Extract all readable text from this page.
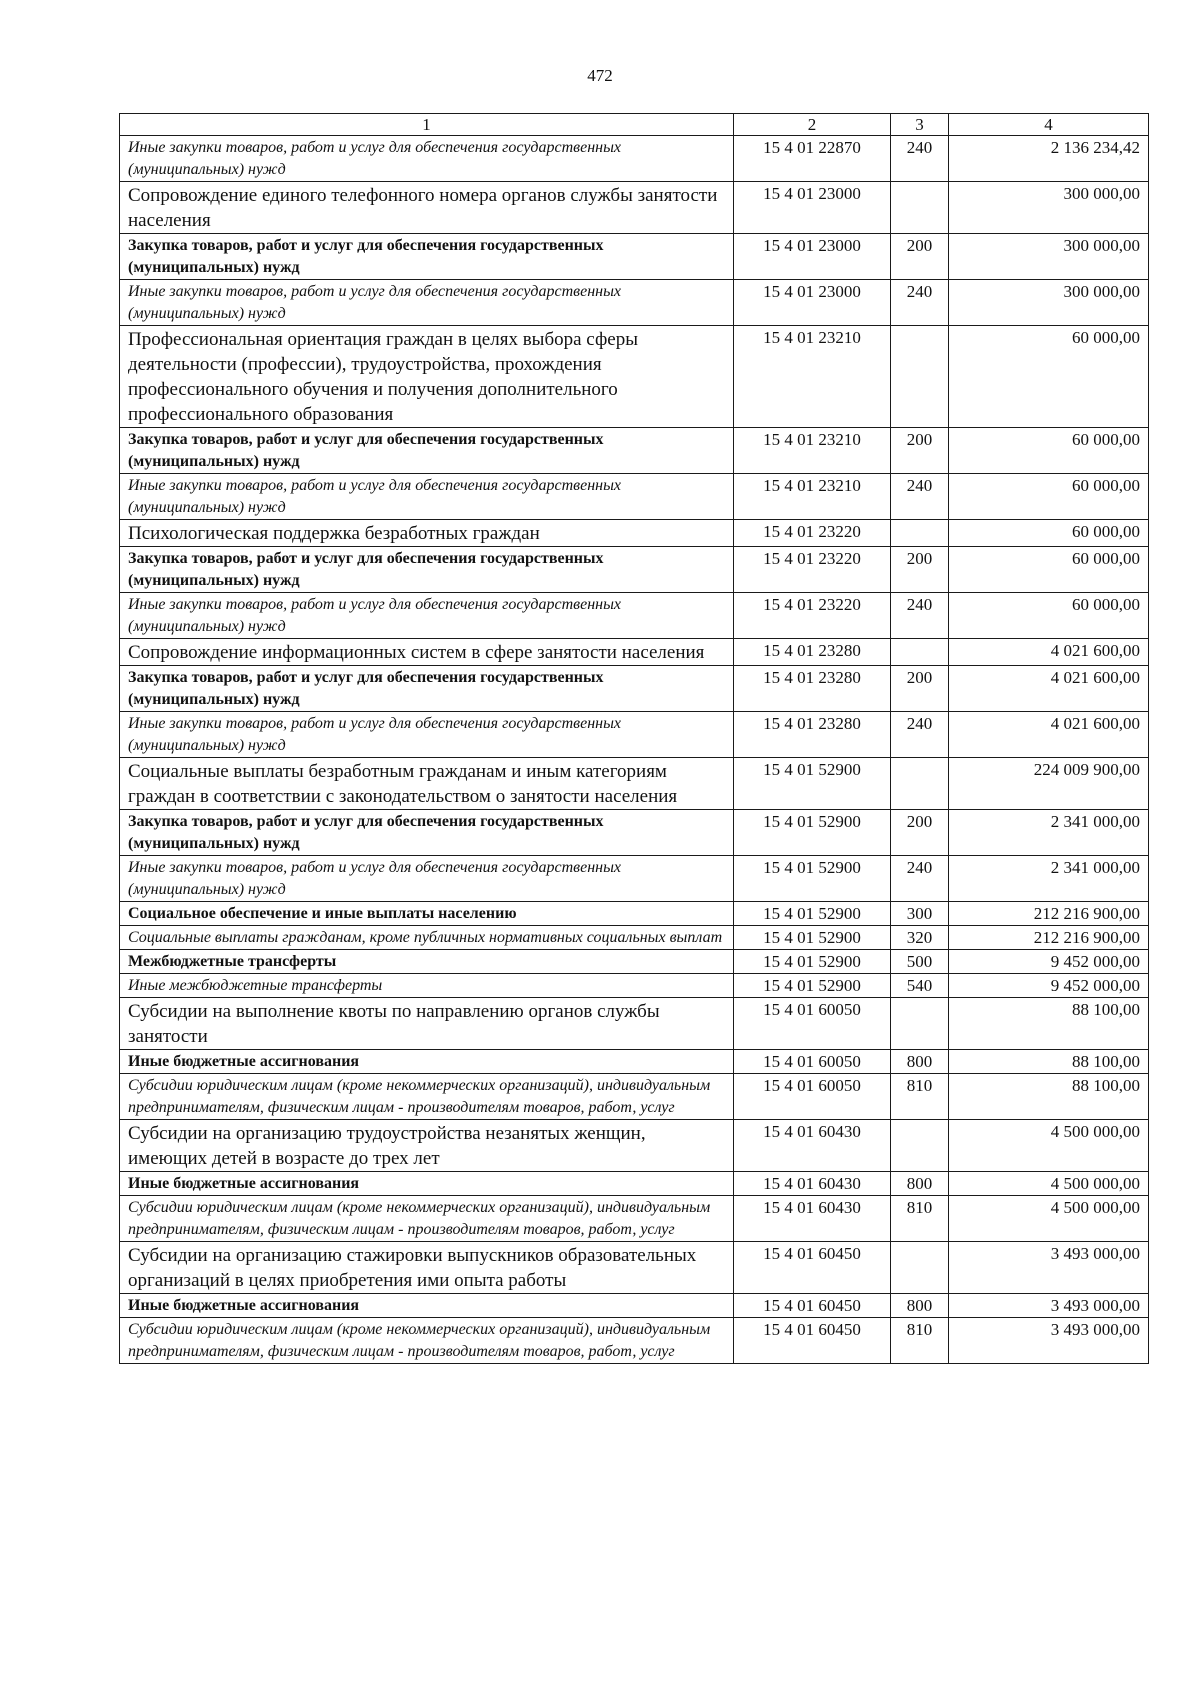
472
1	2	3	4
Иные закупки товаров, работ и услуг для обеспечения государственных (муниципальных) нужд	15 4 01 22870	240	2 136 234,42
Сопровождение единого телефонного номера органов службы занятости населения	15 4 01 23000		300 000,00
Закупка товаров, работ и услуг для обеспечения государственных (муниципальных) нужд	15 4 01 23000	200	300 000,00
Иные закупки товаров, работ и услуг для обеспечения государственных (муниципальных) нужд	15 4 01 23000	240	300 000,00
Профессиональная ориентация граждан в целях выбора сферы деятельности (профессии), трудоустройства, прохождения профессионального обучения и получения дополнительного профессионального образования	15 4 01 23210		60 000,00
Закупка товаров, работ и услуг для обеспечения государственных (муниципальных) нужд	15 4 01 23210	200	60 000,00
Иные закупки товаров, работ и услуг для обеспечения государственных (муниципальных) нужд	15 4 01 23210	240	60 000,00
Психологическая поддержка безработных граждан	15 4 01 23220		60 000,00
Закупка товаров, работ и услуг для обеспечения государственных (муниципальных) нужд	15 4 01 23220	200	60 000,00
Иные закупки товаров, работ и услуг для обеспечения государственных (муниципальных) нужд	15 4 01 23220	240	60 000,00
Сопровождение информационных систем в сфере занятости населения	15 4 01 23280		4 021 600,00
Закупка товаров, работ и услуг для обеспечения государственных (муниципальных) нужд	15 4 01 23280	200	4 021 600,00
Иные закупки товаров, работ и услуг для обеспечения государственных (муниципальных) нужд	15 4 01 23280	240	4 021 600,00
Социальные выплаты безработным гражданам и иным категориям граждан в соответствии с законодательством о занятости населения	15 4 01 52900		224 009 900,00
Закупка товаров, работ и услуг для обеспечения государственных (муниципальных) нужд	15 4 01 52900	200	2 341 000,00
Иные закупки товаров, работ и услуг для обеспечения государственных (муниципальных) нужд	15 4 01 52900	240	2 341 000,00
Социальное обеспечение и иные выплаты населению	15 4 01 52900	300	212 216 900,00
Социальные выплаты гражданам, кроме публичных нормативных социальных выплат	15 4 01 52900	320	212 216 900,00
Межбюджетные трансферты	15 4 01 52900	500	9 452 000,00
Иные межбюджетные трансферты	15 4 01 52900	540	9 452 000,00
Субсидии на выполнение квоты по направлению органов службы занятости	15 4 01 60050		88 100,00
Иные бюджетные ассигнования	15 4 01 60050	800	88 100,00
Субсидии юридическим лицам (кроме некоммерческих организаций), индивидуальным предпринимателям, физическим лицам - производителям товаров, работ, услуг	15 4 01 60050	810	88 100,00
Субсидии на организацию трудоустройства незанятых женщин, имеющих детей в возрасте до трех лет	15 4 01 60430		4 500 000,00
Иные бюджетные ассигнования	15 4 01 60430	800	4 500 000,00
Субсидии юридическим лицам (кроме некоммерческих организаций), индивидуальным предпринимателям, физическим лицам - производителям товаров, работ, услуг	15 4 01 60430	810	4 500 000,00
Субсидии на организацию стажировки выпускников образовательных организаций в целях приобретения ими опыта работы	15 4 01 60450		3 493 000,00
Иные бюджетные ассигнования	15 4 01 60450	800	3 493 000,00
Субсидии юридическим лицам (кроме некоммерческих организаций), индивидуальным предпринимателям, физическим лицам - производителям товаров, работ, услуг	15 4 01 60450	810	3 493 000,00
